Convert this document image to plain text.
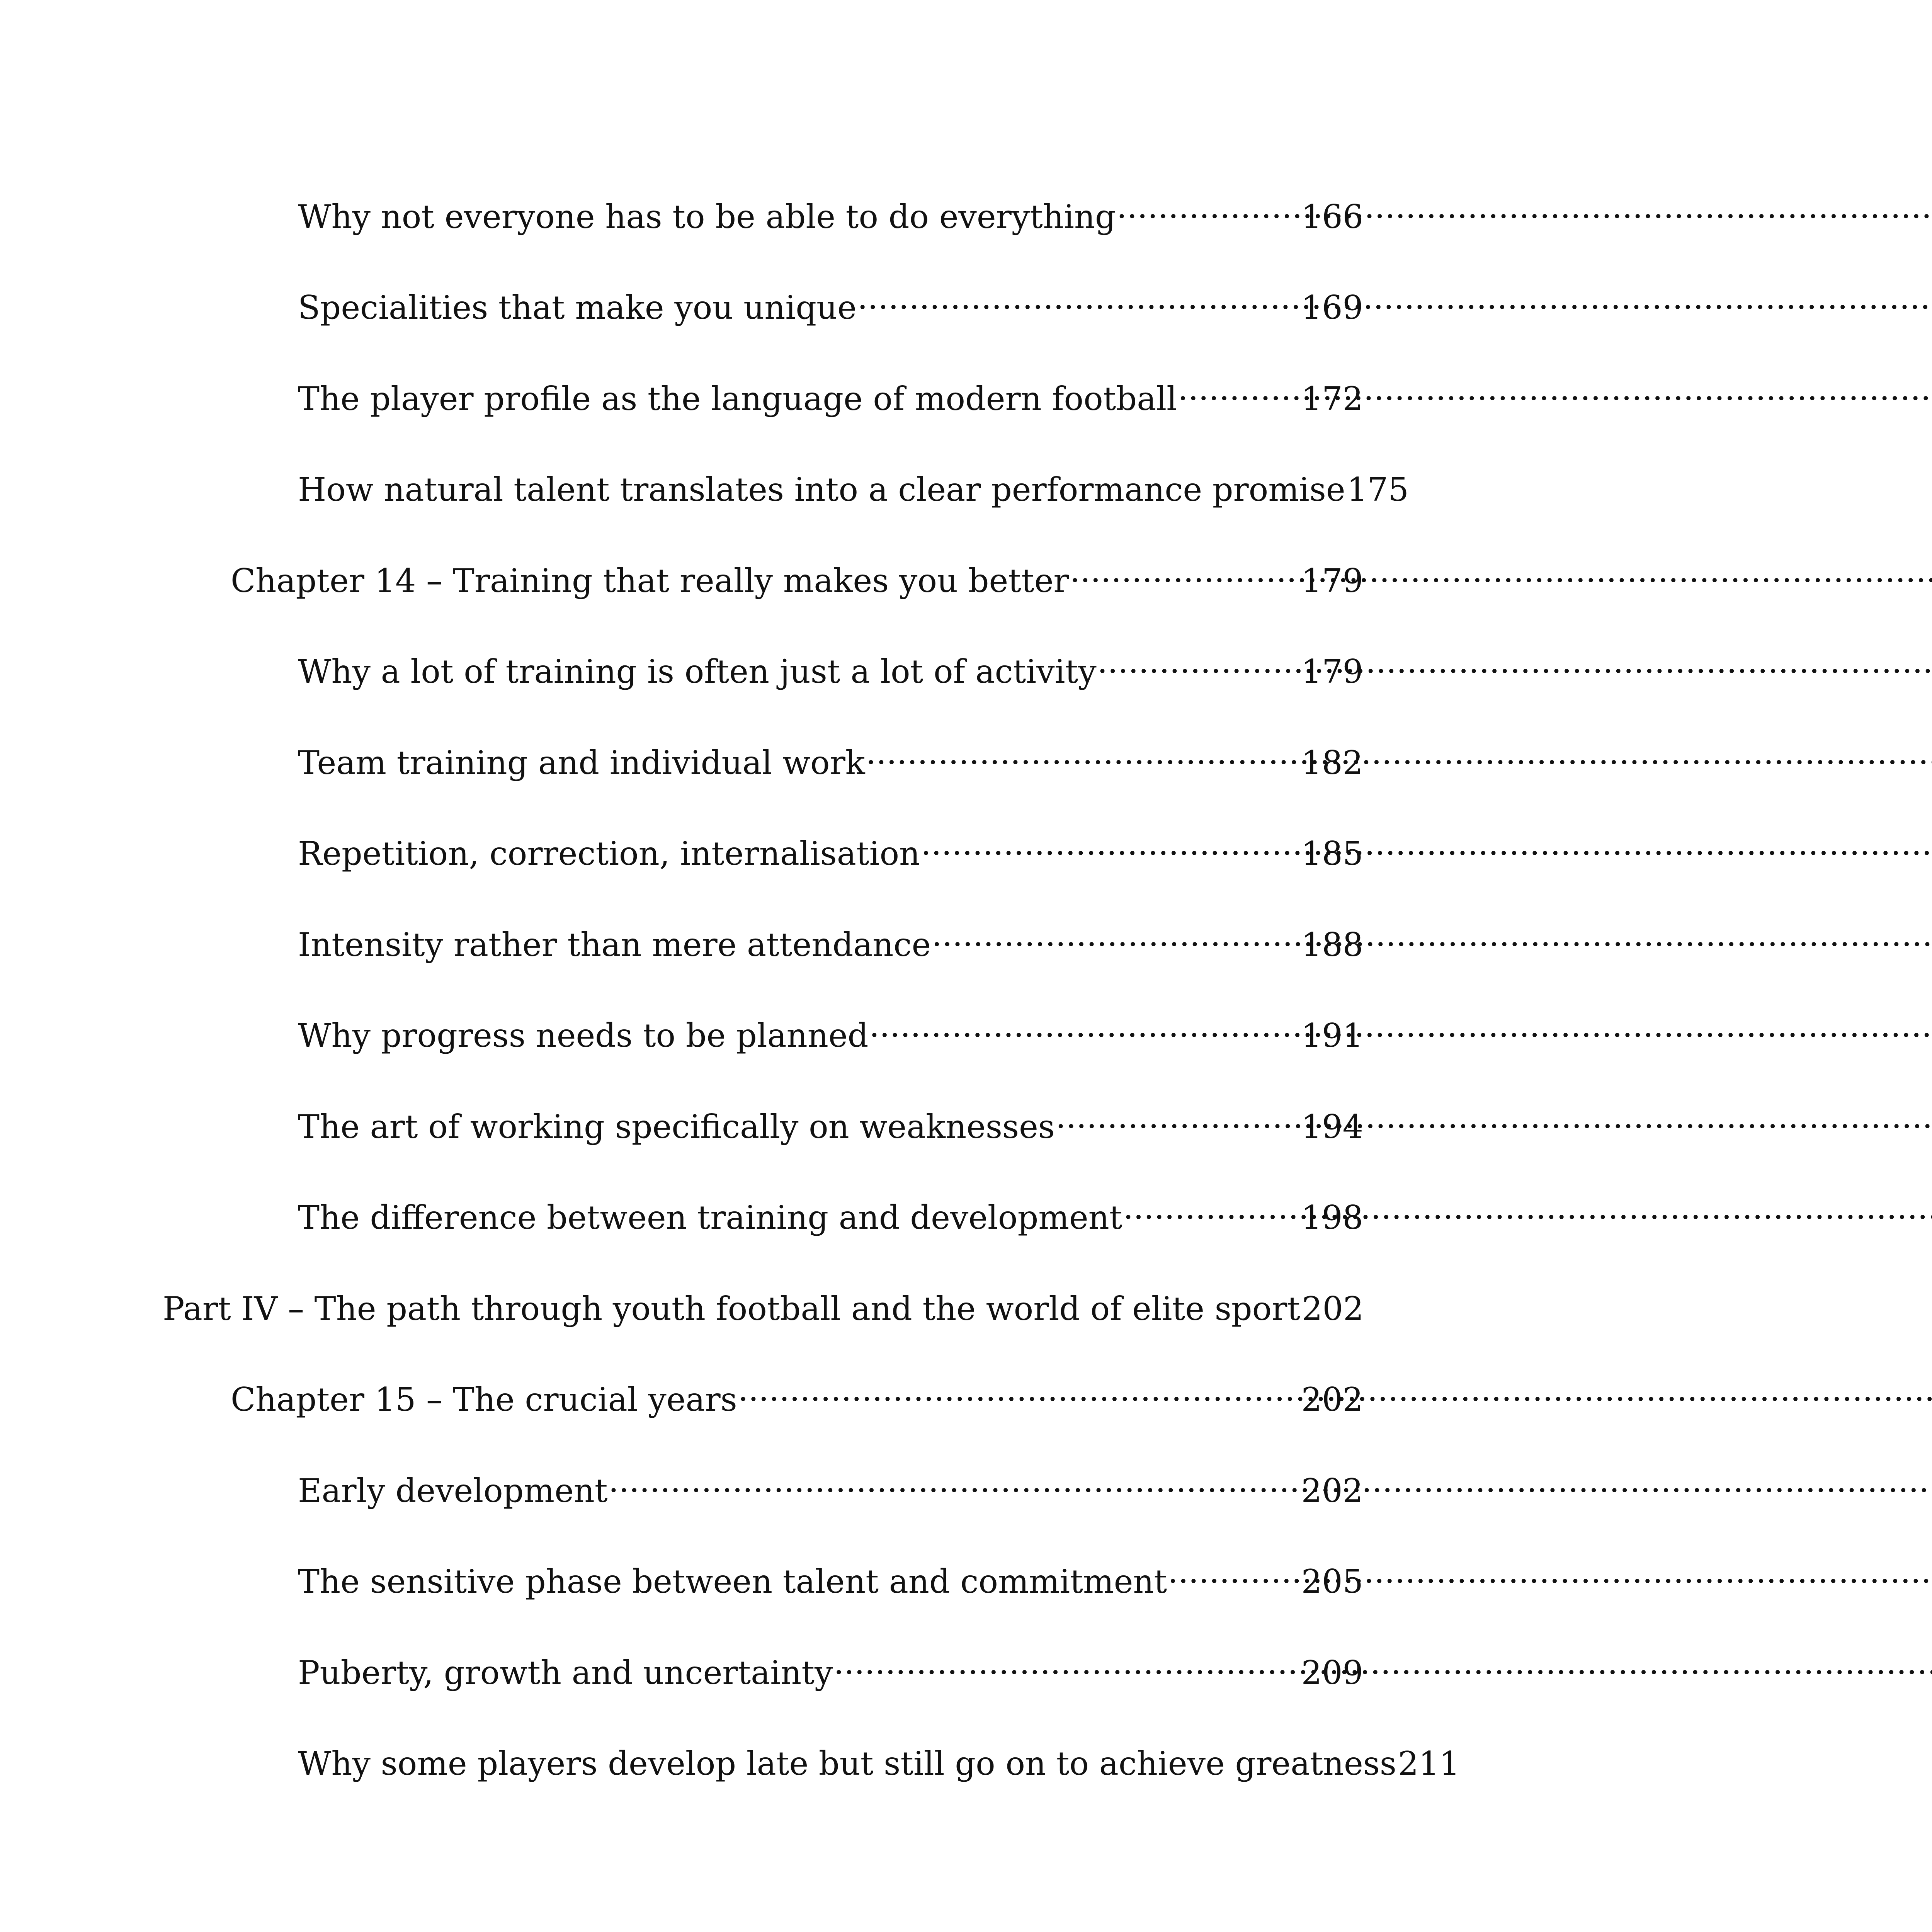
Why not everyone has to be able to do everything .....	166
Specialities that make you unique .....	169
The player profile as the language of modern football .....	172
How natural talent translates into a clear performance promise 175
Chapter 14 – Training that really makes you better .....	179
Why a lot of training is often just a lot of activity .....	179
Team training and individual work .....	182
Repetition, correction, internalisation .....	185
Intensity rather than mere attendance .....	188
Why progress needs to be planned .....	191
The art of working specifically on weaknesses .....	194
The difference between training and development .....	198
Part IV – The path through youth football and the world of elite sport 202
Chapter 15 – The crucial years .....	202
Early development .....	202
The sensitive phase between talent and commitment .....	205
Puberty, growth and uncertainty .....	209
Why some players develop late but still go on to achieve greatness 211
